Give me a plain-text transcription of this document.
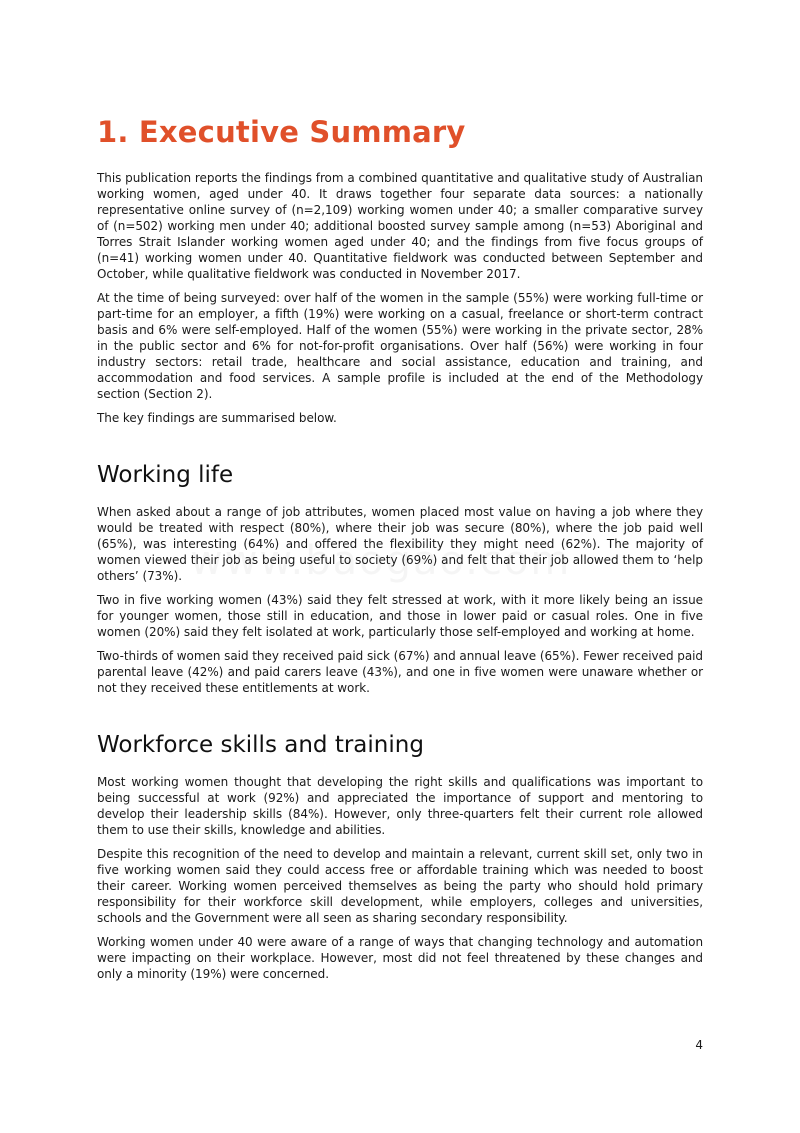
1. Executive Summary

This publication reports the findings from a combined quantitative and qualitative study of Australian working women, aged under 40. It draws together four separate data sources: a nationally representative online survey of (n=2,109) working women under 40; a smaller comparative survey of (n=502) working men under 40; additional boosted survey sample among (n=53) Aboriginal and Torres Strait Islander working women aged under 40; and the findings from five focus groups of (n=41) working women under 40. Quantitative fieldwork was conducted between September and October, while qualitative fieldwork was conducted in November 2017.

At the time of being surveyed: over half of the women in the sample (55%) were working full-time or part-time for an employer, a fifth (19%) were working on a casual, freelance or short-term contract basis and 6% were self-employed. Half of the women (55%) were working in the private sector, 28% in the public sector and 6% for not-for-profit organisations. Over half (56%) were working in four industry sectors: retail trade, healthcare and social assistance, education and training, and accommodation and food services. A sample profile is included at the end of the Methodology section (Section 2).

The key findings are summarised below.

Working life

When asked about a range of job attributes, women placed most value on having a job where they would be treated with respect (80%), where their job was secure (80%), where the job paid well (65%), was interesting (64%) and offered the flexibility they might need (62%). The majority of women viewed their job as being useful to society (69%) and felt that their job allowed them to ‘help others’ (73%).

Two in five working women (43%) said they felt stressed at work, with it more likely being an issue for younger women, those still in education, and those in lower paid or casual roles. One in five women (20%) said they felt isolated at work, particularly those self-employed and working at home.

Two-thirds of women said they received paid sick (67%) and annual leave (65%). Fewer received paid parental leave (42%) and paid carers leave (43%), and one in five women were unaware whether or not they received these entitlements at work.

Workforce skills and training

Most working women thought that developing the right skills and qualifications was important to being successful at work (92%) and appreciated the importance of support and mentoring to develop their leadership skills (84%). However, only three-quarters felt their current role allowed them to use their skills, knowledge and abilities.

Despite this recognition of the need to develop and maintain a relevant, current skill set, only two in five working women said they could access free or affordable training which was needed to boost their career. Working women perceived themselves as being the party who should hold primary responsibility for their workforce skill development, while employers, colleges and universities, schools and the Government were all seen as sharing secondary responsibility.

Working women under 40 were aware of a range of ways that changing technology and automation were impacting on their workplace. However, most did not feel threatened by these changes and only a minority (19%) were concerned.

4
